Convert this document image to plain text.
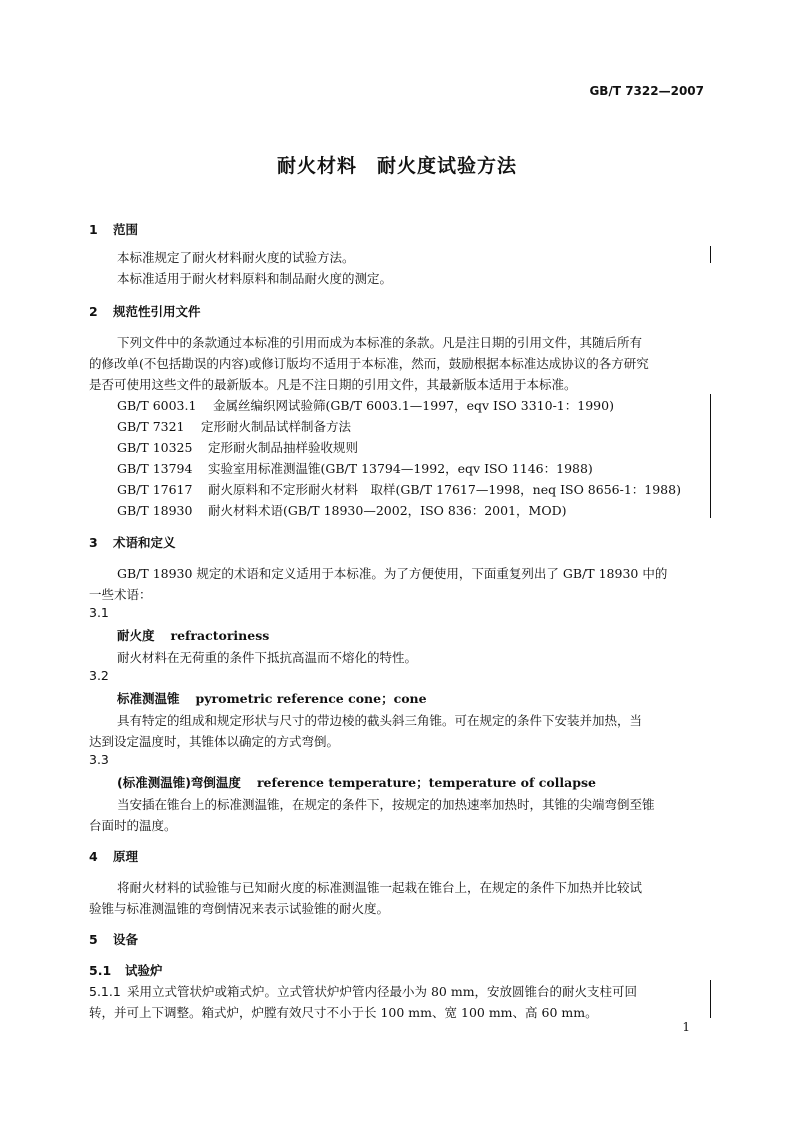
GB/T 7322—2007
耐火材料　耐火度试验方法
1 范围
本标准规定了耐火材料耐火度的试验方法。
本标准适用于耐火材料原料和制品耐火度的测定。
2 规范性引用文件
下列文件中的条款通过本标准的引用而成为本标准的条款。凡是注日期的引用文件，其随后所有
的修改单(不包括勘误的内容)或修订版均不适用于本标准，然而，鼓励根据本标准达成协议的各方研究
是否可使用这些文件的最新版本。凡是不注日期的引用文件，其最新版本适用于本标准。
GB/T 6003.1 金属丝编织网试验筛(GB/T 6003.1—1997，eqv ISO 3310-1：1990)
GB/T 7321 定形耐火制品试样制备方法
GB/T 10325 定形耐火制品抽样验收规则
GB/T 13794 实验室用标准测温锥(GB/T 13794—1992，eqv ISO 1146：1988)
GB/T 17617 耐火原料和不定形耐火材料　取样(GB/T 17617—1998，neq ISO 8656-1：1988)
GB/T 18930 耐火材料术语(GB/T 18930—2002，ISO 836：2001，MOD)
3 术语和定义
GB/T 18930 规定的术语和定义适用于本标准。为了方便使用，下面重复列出了 GB/T 18930 中的
一些术语：
3.1
耐火度 refractoriness
耐火材料在无荷重的条件下抵抗高温而不熔化的特性。
3.2
标准测温锥 pyrometric reference cone；cone
具有特定的组成和规定形状与尺寸的带边棱的截头斜三角锥。可在规定的条件下安装并加热，当
达到设定温度时，其锥体以确定的方式弯倒。
3.3
(标准测温锥)弯倒温度 reference temperature；temperature of collapse
当安插在锥台上的标准测温锥，在规定的条件下，按规定的加热速率加热时，其锥的尖端弯倒至锥
台面时的温度。
4 原理
将耐火材料的试验锥与已知耐火度的标准测温锥一起栽在锥台上，在规定的条件下加热并比较试
验锥与标准测温锥的弯倒情况来表示试验锥的耐火度。
5 设备
5.1 试验炉
5.1.1 采用立式管状炉或箱式炉。立式管状炉炉管内径最小为 80 mm，安放圆锥台的耐火支柱可回
转，并可上下调整。箱式炉，炉膛有效尺寸不小于长 100 mm、宽 100 mm、高 60 mm。
1
